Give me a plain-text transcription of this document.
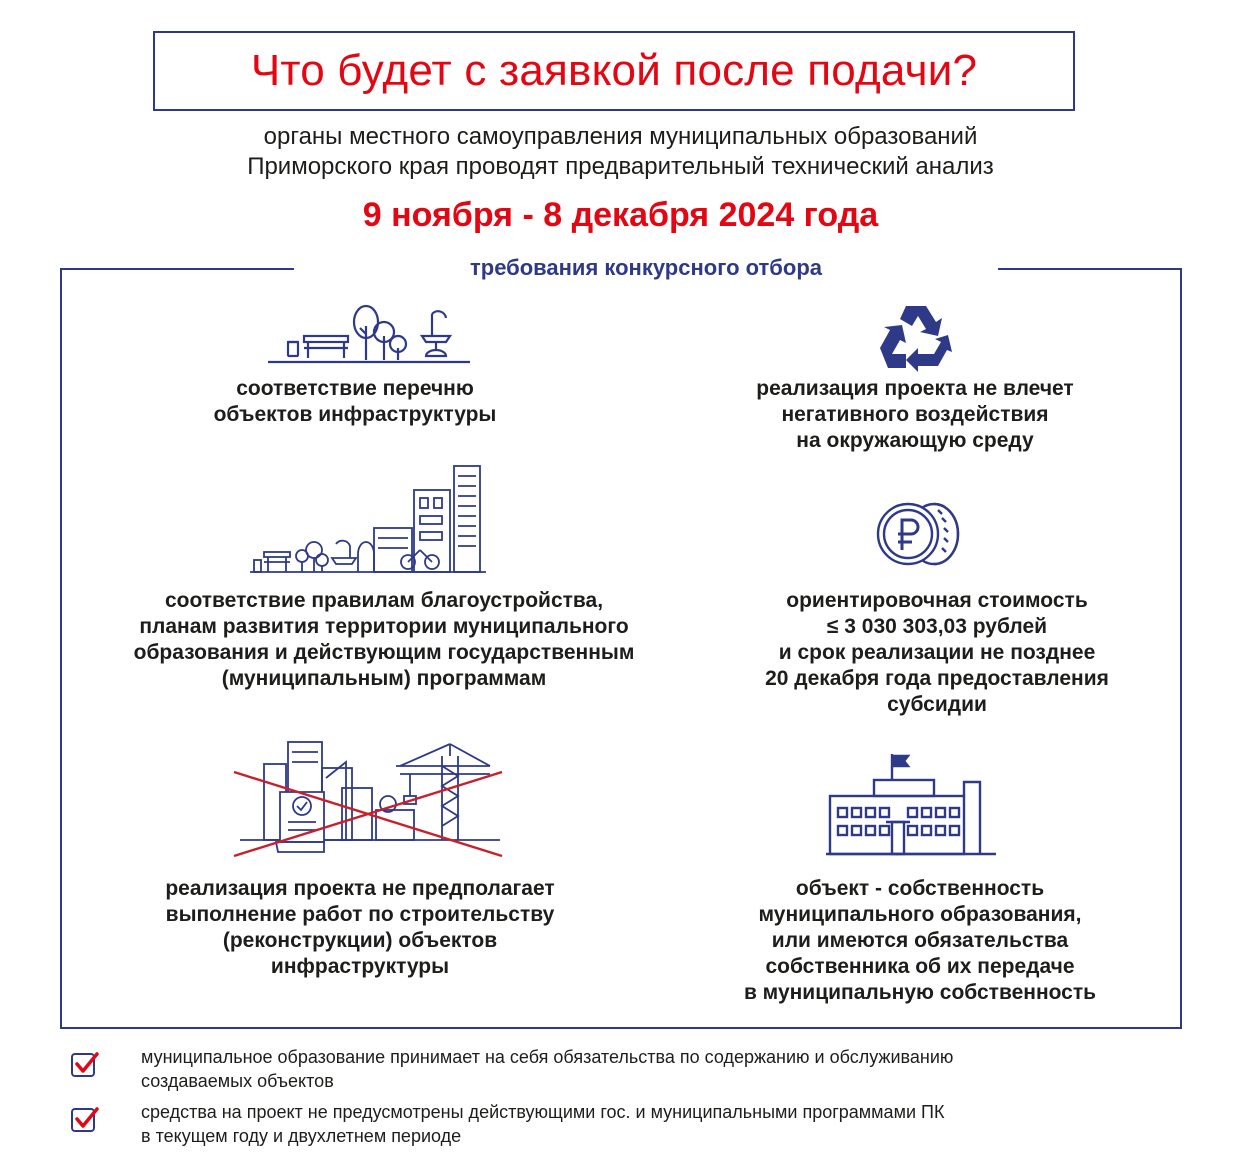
Что будет с заявкой после подачи?
органы местного самоуправления муниципальных образований
Приморского края проводят предварительный технический анализ
9 ноября - 8 декабря 2024 года
требования конкурсного отбора
соответствие перечню
объектов инфраструктуры
реализация проекта не влечет
негативного воздействия
на окружающую среду
соответствие правилам благоустройства,
планам развития территории муниципального
образования и действующим государственным
(муниципальным) программам
ориентировочная стоимость
≤ 3 030 303,03 рублей
и срок реализации не позднее
20 декабря года предоставления
субсидии
реализация проекта не предполагает
выполнение работ по строительству
(реконструкции) объектов
инфраструктуры
объект - собственность
муниципального образования,
или имеются обязательства
собственника об их передаче
в муниципальную собственность
муниципальное образование принимает на себя обязательства по содержанию и обслуживанию
создаваемых объектов
средства на проект не предусмотрены действующими гос. и муниципальными программами ПК
в текущем году и двухлетнем периоде
